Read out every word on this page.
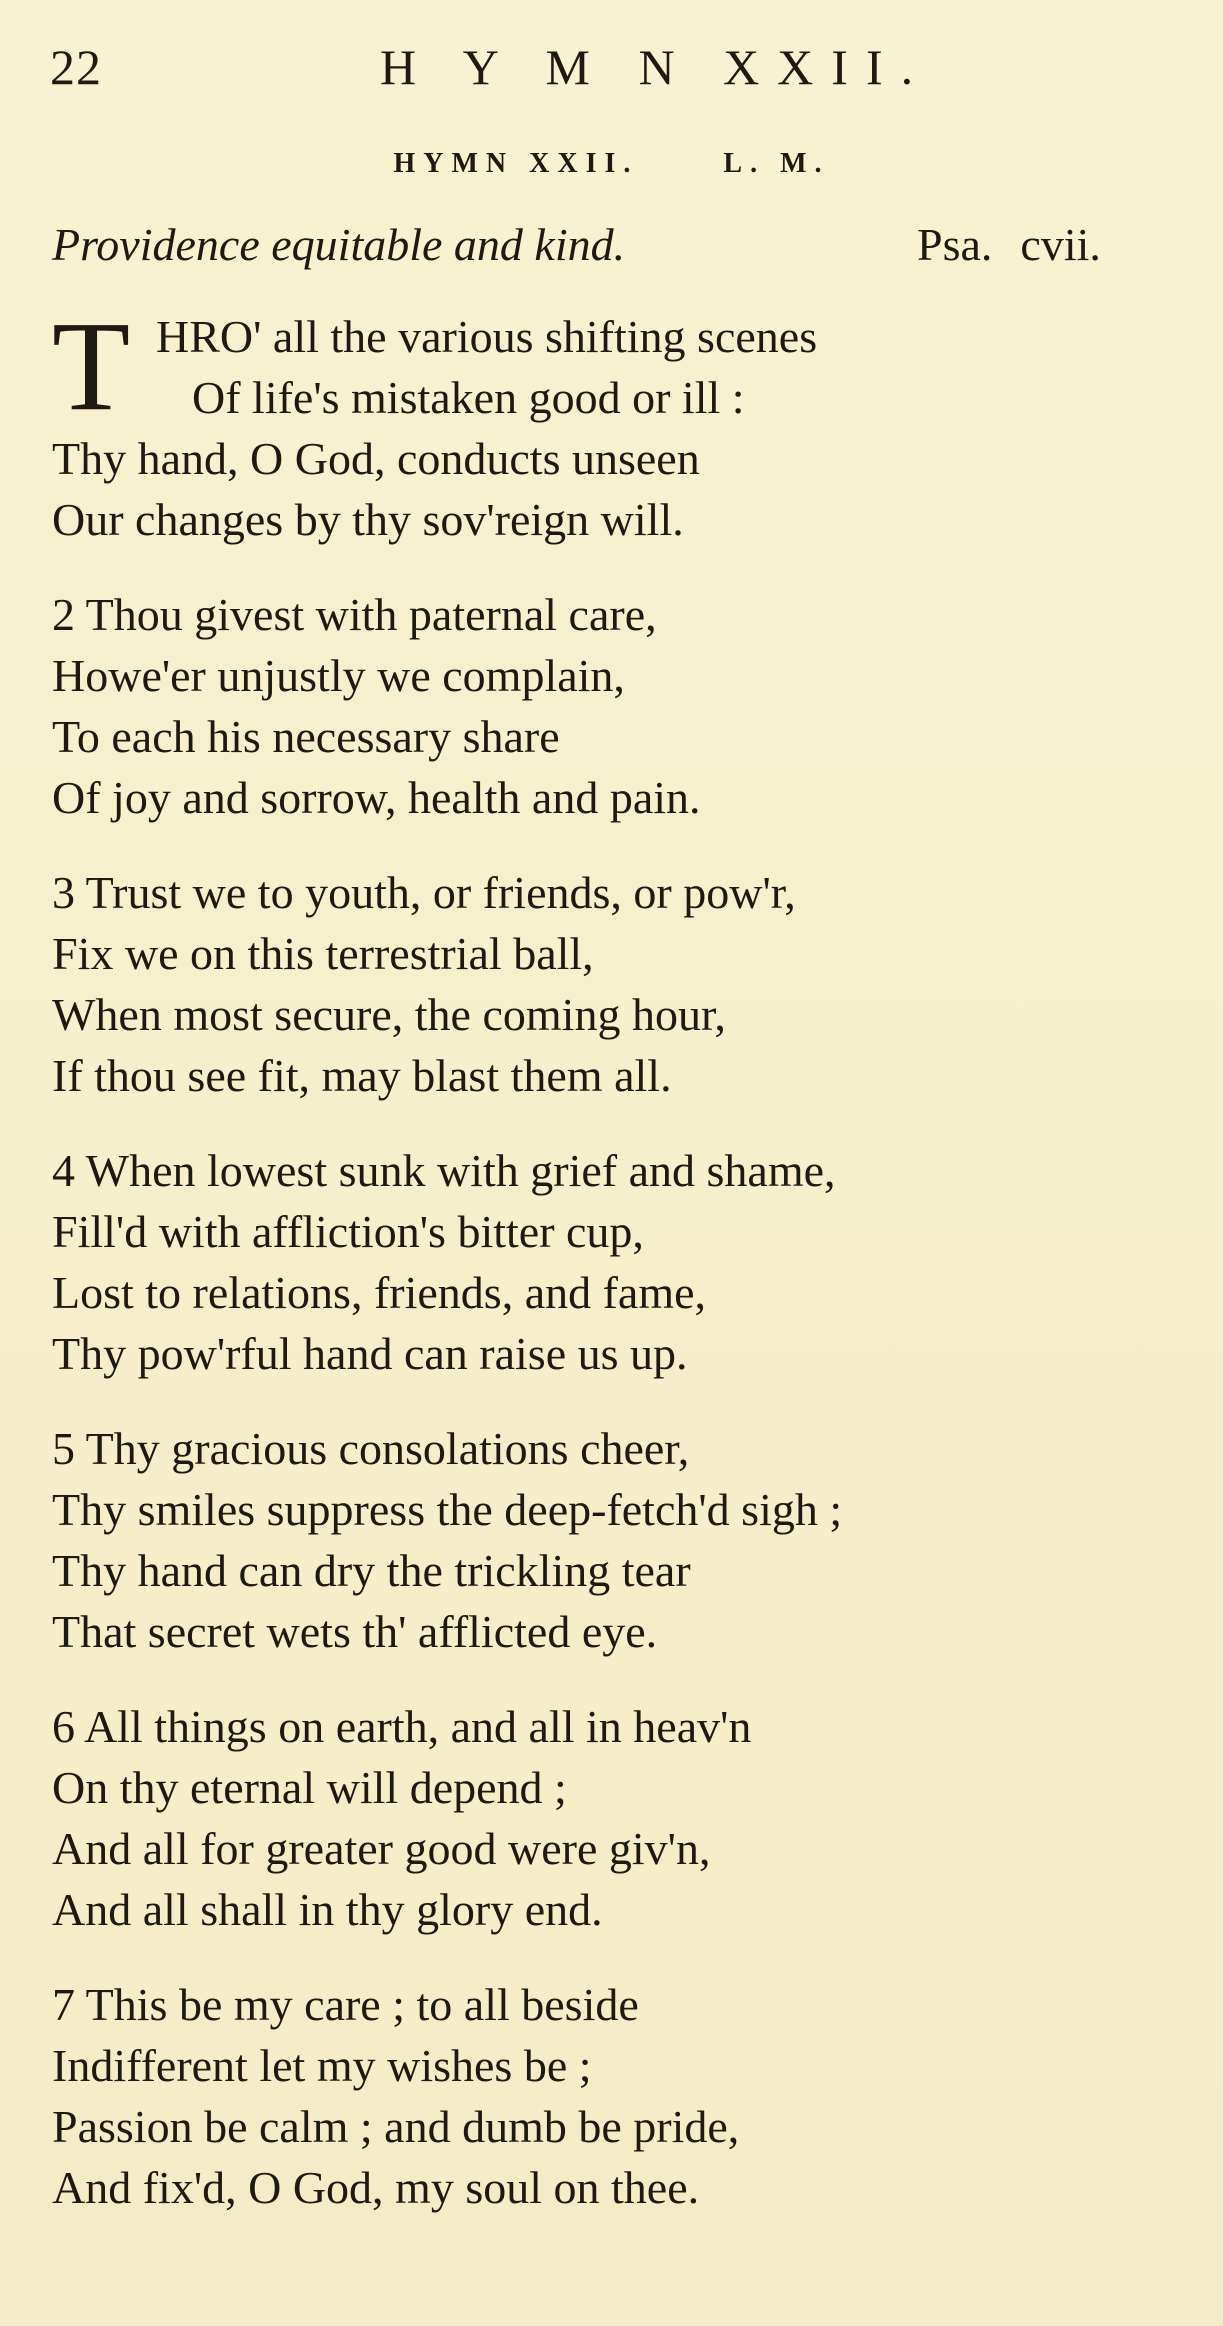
22	H Y M N XXII.
HYMN XXII.	L. M.
Providence equitable and kind.	Psa. cvii.
T HRO' all the various shifting scenes
Of life's mistaken good or ill :
Thy hand, O God, conducts unseen
Our changes by thy sov'reign will.
2 Thou givest with paternal care,
Howe'er unjustly we complain,
To each his necessary share
Of joy and sorrow, health and pain.
3 Trust we to youth, or friends, or pow'r,
Fix we on this terrestrial ball,
When most secure, the coming hour,
If thou see fit, may blast them all.
4 When lowest sunk with grief and shame,
Fill'd with affliction's bitter cup,
Lost to relations, friends, and fame,
Thy pow'rful hand can raise us up.
5 Thy gracious consolations cheer,
Thy smiles suppress the deep-fetch'd sigh ;
Thy hand can dry the trickling tear
That secret wets th' afflicted eye.
6 All things on earth, and all in heav'n
On thy eternal will depend ;
And all for greater good were giv'n,
And all shall in thy glory end.
7 This be my care ; to all beside
Indifferent let my wishes be ;
Passion be calm ; and dumb be pride,
And fix'd, O God, my soul on thee.
